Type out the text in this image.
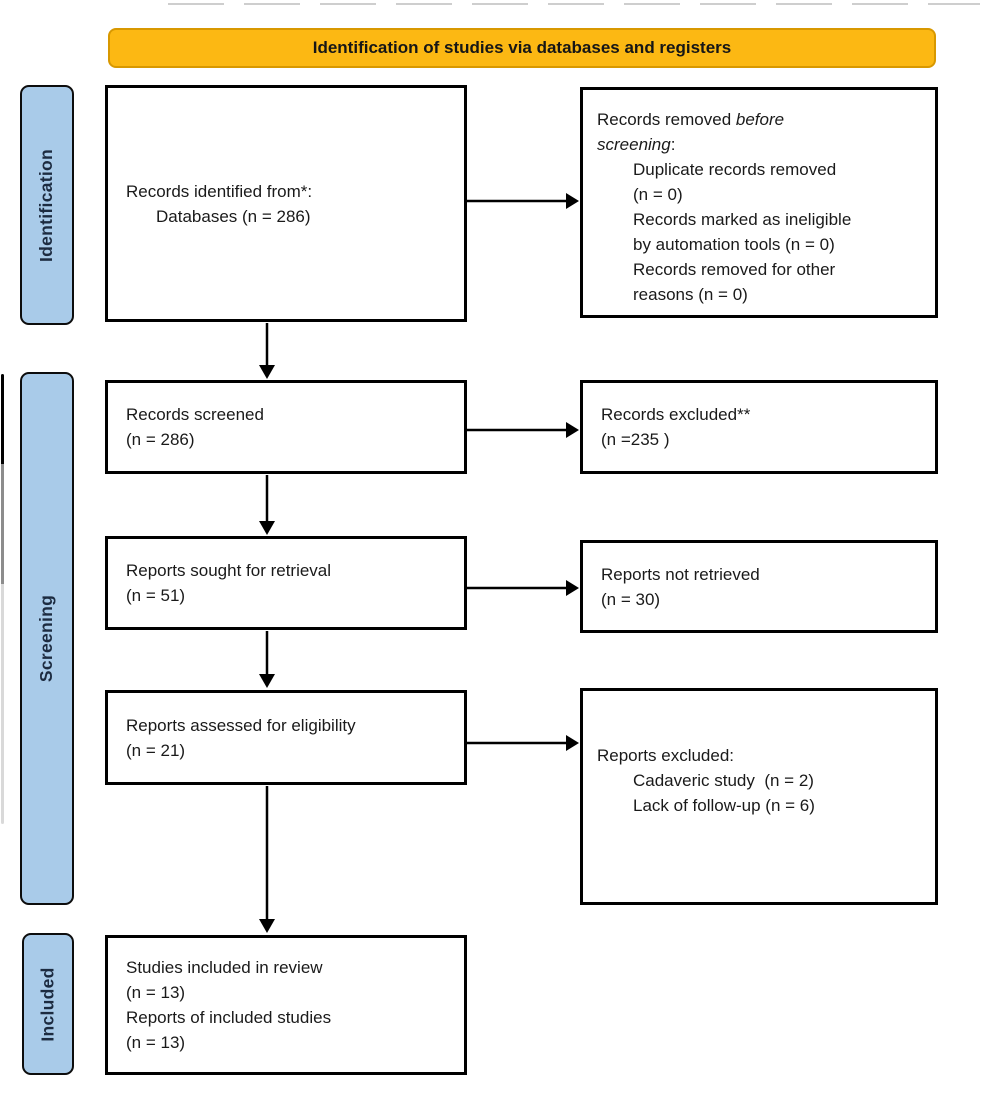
Identification of studies via databases and registers
Identification
Screening
Included
Records identified from*:
Databases (n = 286)
Records removed before
screening:
Duplicate records removed
(n = 0)
Records marked as ineligible
by automation tools (n = 0)
Records removed for other
reasons (n = 0)
Records screened
(n = 286)
Records excluded**
(n =235 )
Reports sought for retrieval
(n = 51)
Reports not retrieved
(n = 30)
Reports assessed for eligibility
(n = 21)	Reports excluded:
Cadaveric study  (n = 2)
Lack of follow-up (n = 6)
Studies included in review
(n = 13)
Reports of included studies
(n = 13)
